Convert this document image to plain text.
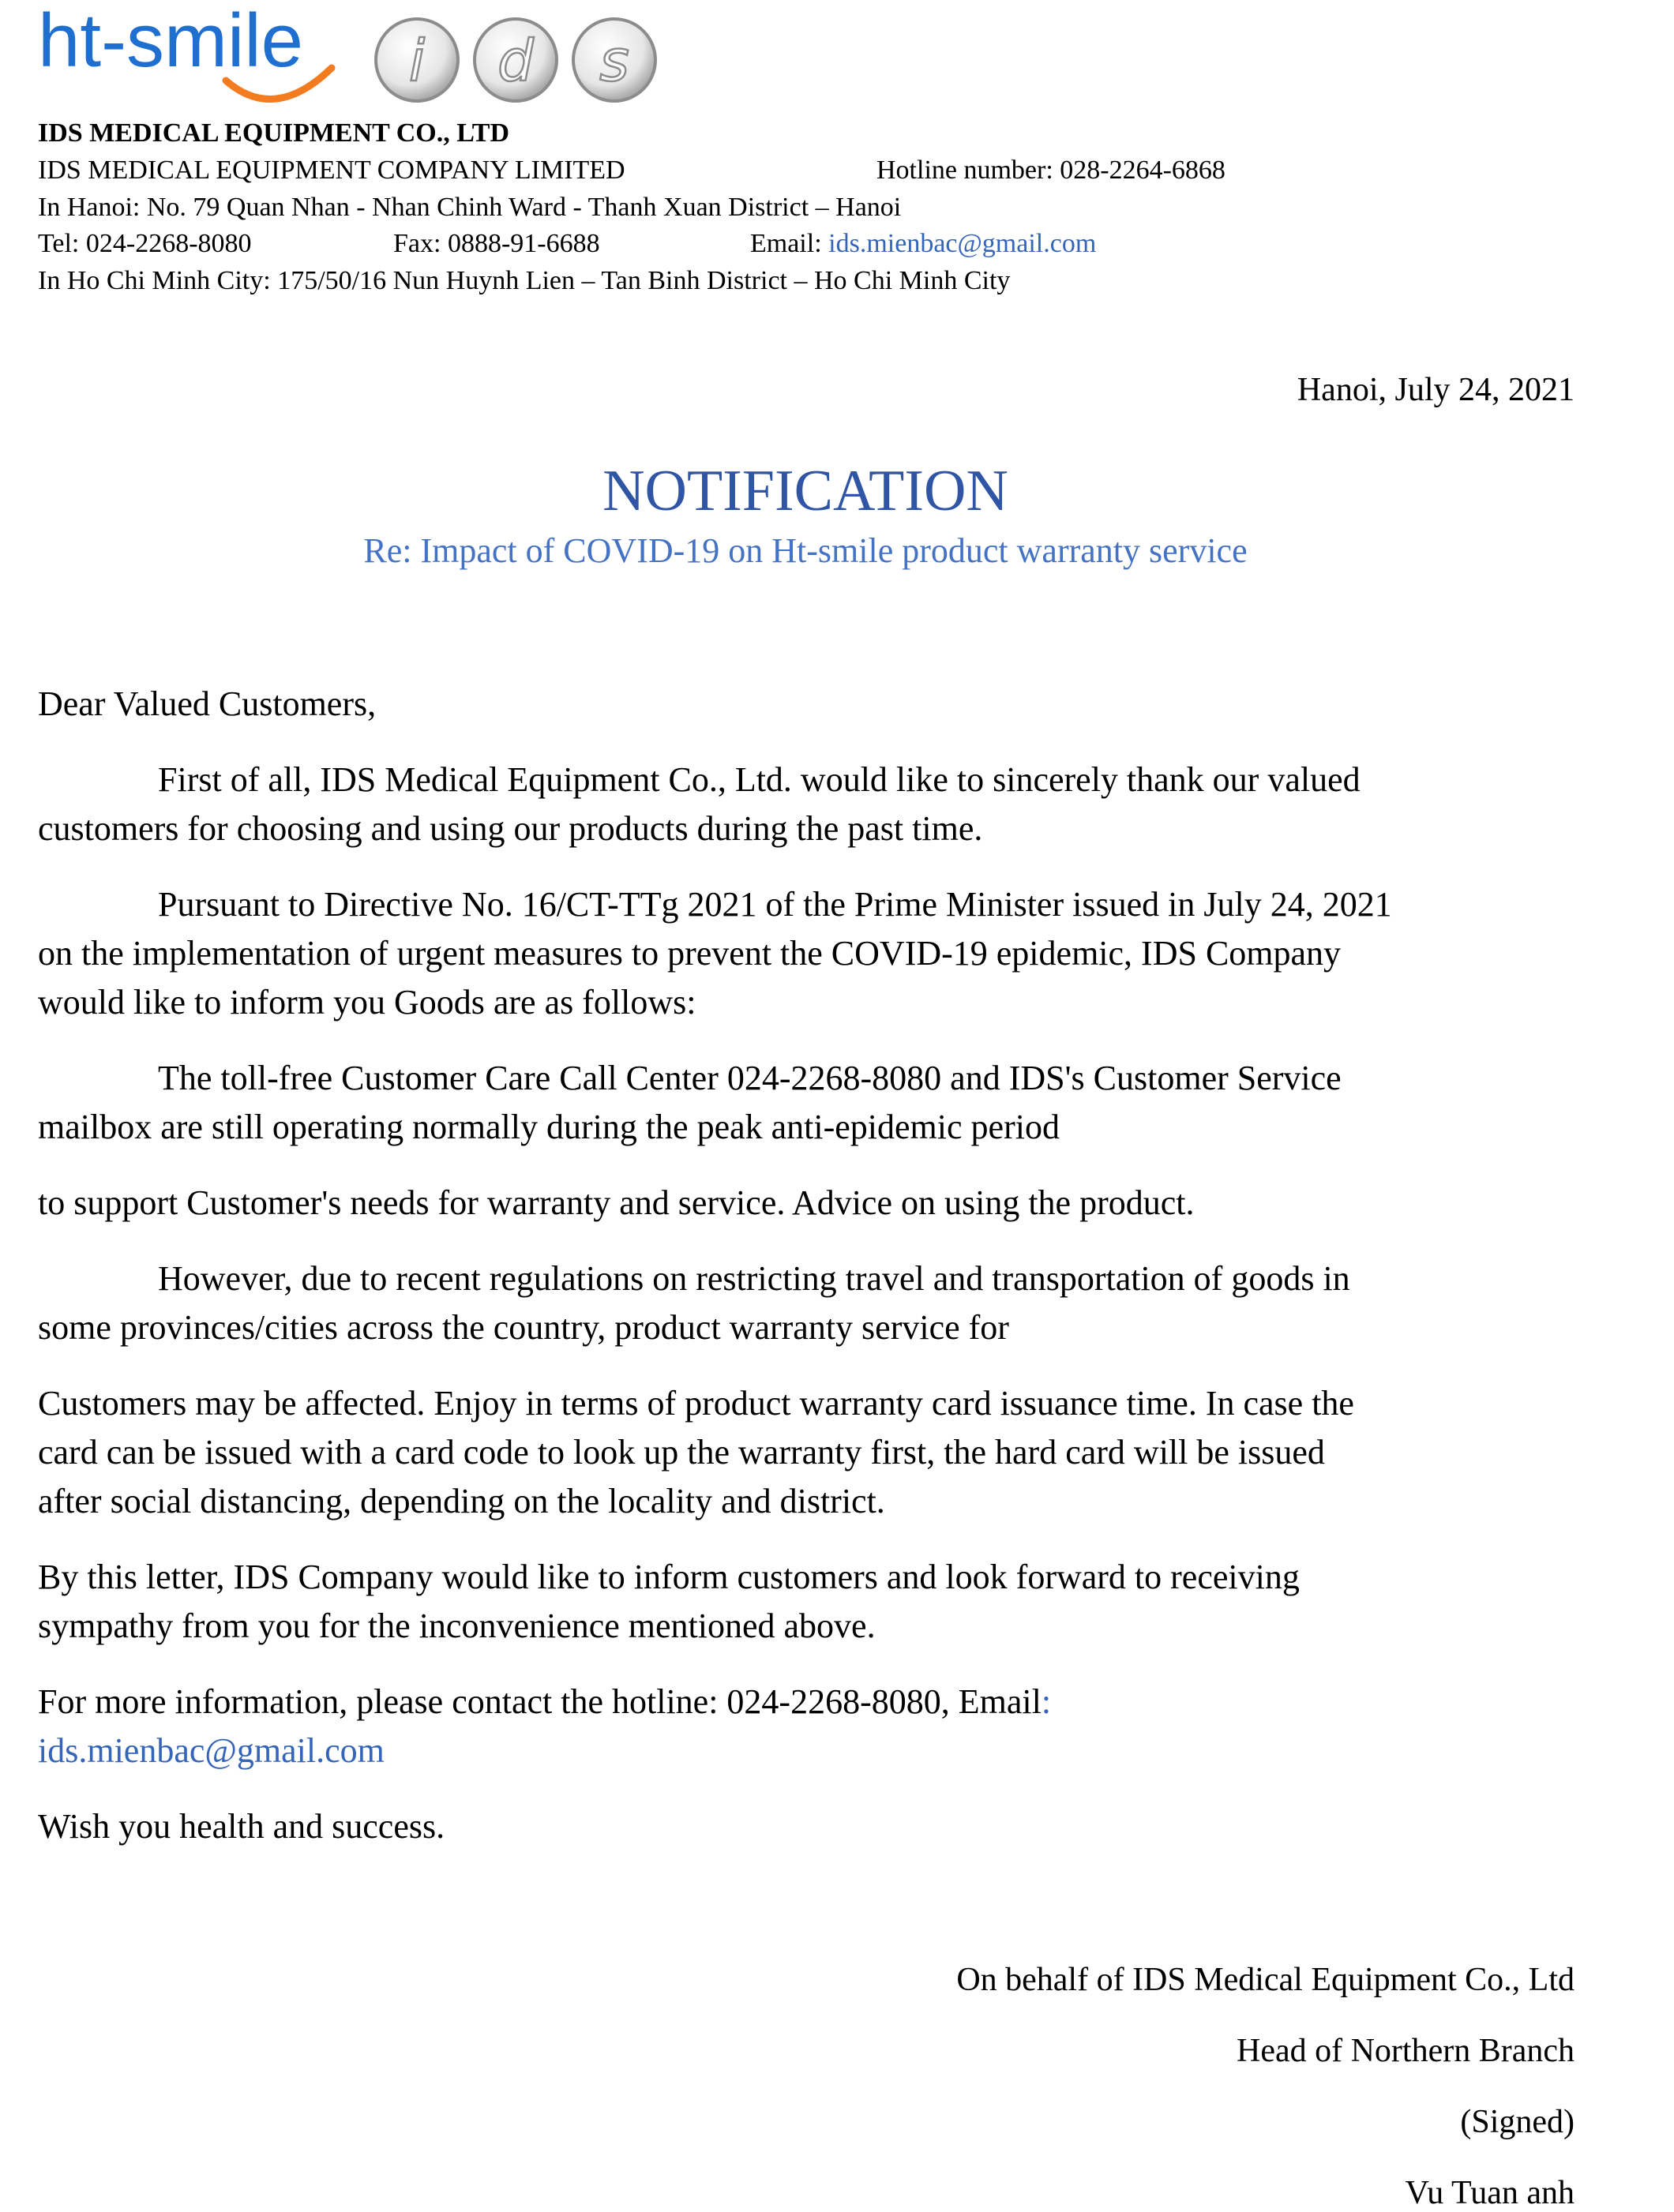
ht-smile i d s
IDS MEDICAL EQUIPMENT CO., LTD
IDS MEDICAL EQUIPMENT COMPANY LIMITED	Hotline number: 028-2264-6868
In Hanoi: No. 79 Quan Nhan - Nhan Chinh Ward - Thanh Xuan District – Hanoi
Tel: 024-2268-8080	Fax: 0888-91-6688	Email: ids.mienbac@gmail.com
In Ho Chi Minh City: 175/50/16 Nun Huynh Lien – Tan Binh District – Ho Chi Minh City
Hanoi, July 24, 2021
NOTIFICATION
Re: Impact of COVID-19 on Ht-smile product warranty service
Dear Valued Customers,
First of all, IDS Medical Equipment Co., Ltd. would like to sincerely thank our valued
customers for choosing and using our products during the past time.
Pursuant to Directive No. 16/CT-TTg 2021 of the Prime Minister issued in July 24, 2021
on the implementation of urgent measures to prevent the COVID-19 epidemic, IDS Company
would like to inform you Goods are as follows:
The toll-free Customer Care Call Center 024-2268-8080 and IDS's Customer Service
mailbox are still operating normally during the peak anti-epidemic period
to support Customer's needs for warranty and service. Advice on using the product.
However, due to recent regulations on restricting travel and transportation of goods in
some provinces/cities across the country, product warranty service for
Customers may be affected. Enjoy in terms of product warranty card issuance time. In case the
card can be issued with a card code to look up the warranty first, the hard card will be issued
after social distancing, depending on the locality and district.
By this letter, IDS Company would like to inform customers and look forward to receiving
sympathy from you for the inconvenience mentioned above.
For more information, please contact the hotline: 024-2268-8080, Email:
ids.mienbac@gmail.com
Wish you health and success.
On behalf of IDS Medical Equipment Co., Ltd
Head of Northern Branch
(Signed)
Vu Tuan anh
